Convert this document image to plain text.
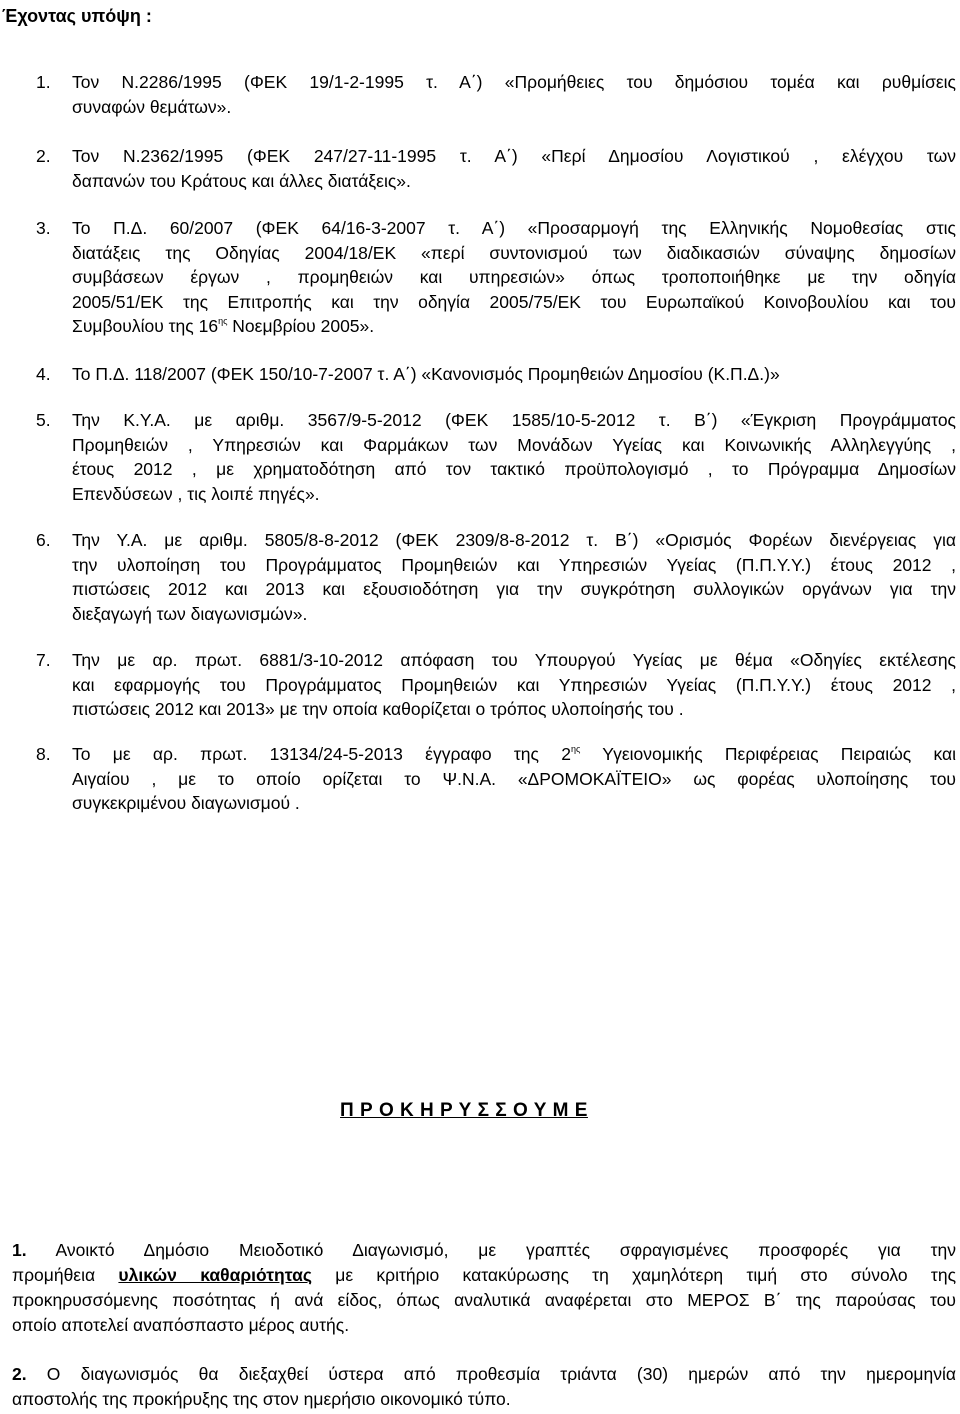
Έχοντας υπόψη :
1. Τον Ν.2286/1995 (ΦΕΚ 19/1-2-1995 τ. Α΄) «Προμήθειες του δημόσιου τομέα και ρυθμίσεις
συναφών θεμάτων».
2. Τον Ν.2362/1995 (ΦΕΚ 247/27-11-1995 τ. Α΄) «Περί Δημοσίου Λογιστικού , ελέγχου των
δαπανών του Κράτους και άλλες διατάξεις».
3. Το Π.Δ. 60/2007 (ΦΕΚ 64/16-3-2007 τ. Α΄) «Προσαρμογή της Ελληνικής Νομοθεσίας στις
διατάξεις της Οδηγίας 2004/18/ΕΚ «περί συντονισμού των διαδικασιών σύναψης δημοσίων
συμβάσεων έργων , προμηθειών και υπηρεσιών» όπως τροποποιήθηκε με την οδηγία
2005/51/ΕΚ της Επιτροπής και την οδηγία 2005/75/ΕΚ του Ευρωπαϊκού Κοινοβουλίου και του
Συμβουλίου της $16^{\eta\varsigma}$ Νοεμβρίου 2005».
4. Το Π.Δ. 118/2007 (ΦΕΚ 150/10-7-2007 τ. Α΄) «Κανονισμός Προμηθειών Δημοσίου (Κ.Π.Δ.)»
5. Την Κ.Υ.Α. με αριθμ. 3567/9-5-2012 (ΦΕΚ 1585/10-5-2012 τ. Β΄) «Έγκριση Προγράμματος
Προμηθειών , Υπηρεσιών και Φαρμάκων των Μονάδων Υγείας και Κοινωνικής Αλληλεγγύης ,
έτους 2012 , με χρηματοδότηση από τον τακτικό προϋπολογισμό , το Πρόγραμμα Δημοσίων
Επενδύσεων , τις λοιπέ πηγές».
6. Την Υ.Α. με αριθμ. 5805/8-8-2012 (ΦΕΚ 2309/8-8-2012 τ. Β΄) «Ορισμός Φορέων διενέργειας για
την υλοποίηση του Προγράμματος Προμηθειών και Υπηρεσιών Υγείας (Π.Π.Υ.Υ.) έτους 2012 ,
πιστώσεις 2012 και 2013 και εξουσιοδότηση για την συγκρότηση συλλογικών οργάνων για την
διεξαγωγή των διαγωνισμών».
7. Την με αρ. πρωτ. 6881/3-10-2012 απόφαση του Υπουργού Υγείας με θέμα «Οδηγίες εκτέλεσης
και εφαρμογής του Προγράμματος Προμηθειών και Υπηρεσιών Υγείας (Π.Π.Υ.Υ.) έτους 2012 ,
πιστώσεις 2012 και 2013» με την οποία καθορίζεται ο τρόπος υλοποίησής του .
8. Το με αρ. πρωτ. 13134/24-5-2013 έγγραφο της $2^{\eta\varsigma}$ Υγειονομικής Περιφέρειας Πειραιώς και
Αιγαίου , με το οποίο ορίζεται το Ψ.Ν.Α. «ΔΡΟΜΟΚΑΪΤΕΙΟ» ως φορέας υλοποίησης του
συγκεκριμένου διαγωνισμού .
Π Ρ Ο Κ Η Ρ Υ Σ Σ Ο Υ Μ Ε
1. Ανοικτό Δημόσιο Μειοδοτικό Διαγωνισμό, με γραπτές σφραγισμένες προσφορές για την
προμήθεια υλικών καθαριότητας με κριτήριο κατακύρωσης τη χαμηλότερη τιμή στο σύνολο της
προκηρυσσόμενης ποσότητας ή ανά είδος, όπως αναλυτικά αναφέρεται στο ΜΕΡΟΣ Β΄ της παρούσας του
οποίο αποτελεί αναπόσπαστο μέρος αυτής.
2. Ο διαγωνισμός θα διεξαχθεί ύστερα από προθεσμία τριάντα (30) ημερών από την ημερομηνία
αποστολής της προκήρυξης της στον ημερήσιο οικονομικό τύπο.
